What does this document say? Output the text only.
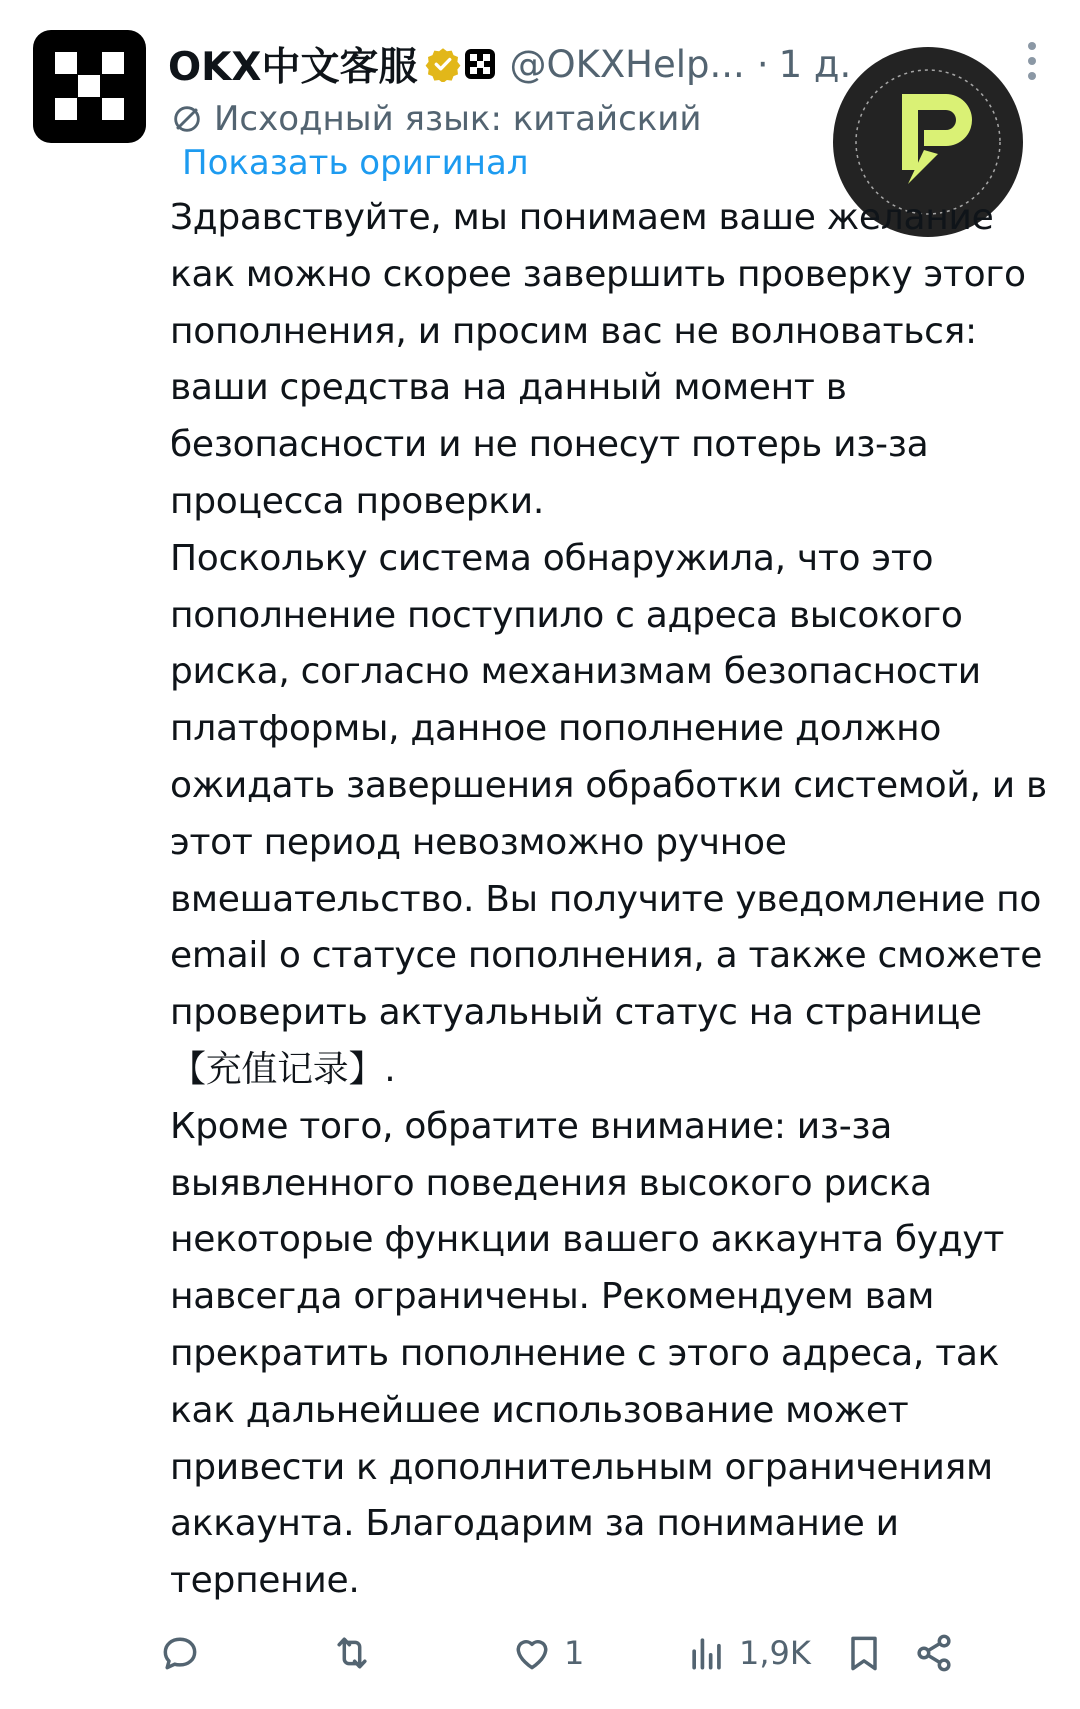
OKX中文客服 @OKXHelp... · 1 д.
Исходный язык: китайский
Показать оригинал

Здравствуйте, мы понимаем ваше желание как можно скорее завершить проверку этого пополнения, и просим вас не волноваться: ваши средства на данный момент в безопасности и не понесут потерь из-за процесса проверки.

Поскольку система обнаружила, что это пополнение поступило с адреса высокого риска, согласно механизмам безопасности платформы, данное пополнение должно ожидать завершения обработки системой, и в этот период невозможно ручное вмешательство. Вы получите уведомление по email о статусе пополнения, а также сможете проверить актуальный статус на странице 【充值记录】.

Кроме того, обратите внимание: из-за выявленного поведения высокого риска некоторые функции вашего аккаунта будут навсегда ограничены. Рекомендуем вам прекратить пополнение с этого адреса, так как дальнейшее использование может привести к дополнительным ограничениям аккаунта. Благодарим за понимание и терпение.

1	1,9K
